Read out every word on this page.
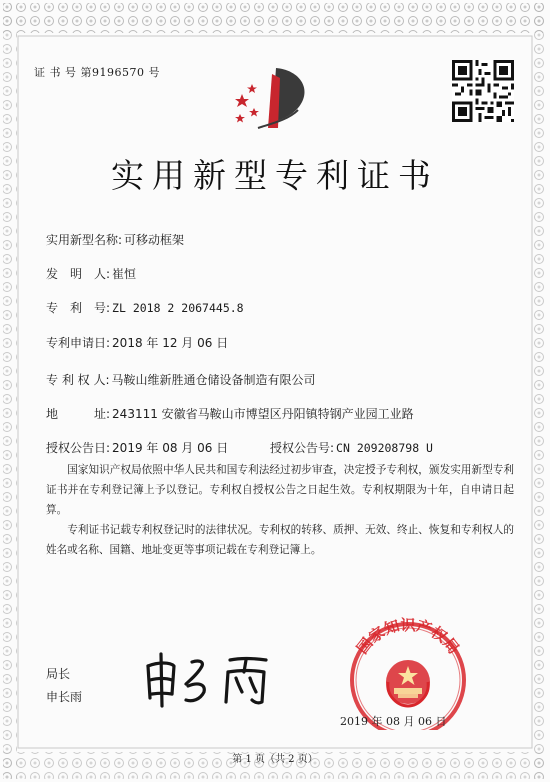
证 书 号 第9196570 号
实用新型专利证书
实用新型名称: 可移动框架
发　明　人: 崔恒
专　利　号: ZL 2018 2 2067445.8
专利申请日: 2018 年 12 月 06 日
专 利 权 人: 马鞍山维新胜通仓储设备制造有限公司
地　　　址: 243111 安徽省马鞍山市博望区丹阳镇特钢产业园工业路
授权公告日: 2019 年 08 月 06 日	授权公告号: CN 209208798 U
国家知识产权局依照中华人民共和国专利法经过初步审查，决定授予专利权，颁发实用新型专利证书并在专利登记簿上予以登记。专利权自授权公告之日起生效。专利权期限为十年，自申请日起算。
专利证书记载专利权登记时的法律状况。专利权的转移、质押、无效、终止、恢复和专利权人的姓名或名称、国籍、地址变更等事项记载在专利登记簿上。
局长
申长雨
国家知识产权局
2019 年 08 月 06 日
第 1 页（共 2 页）
